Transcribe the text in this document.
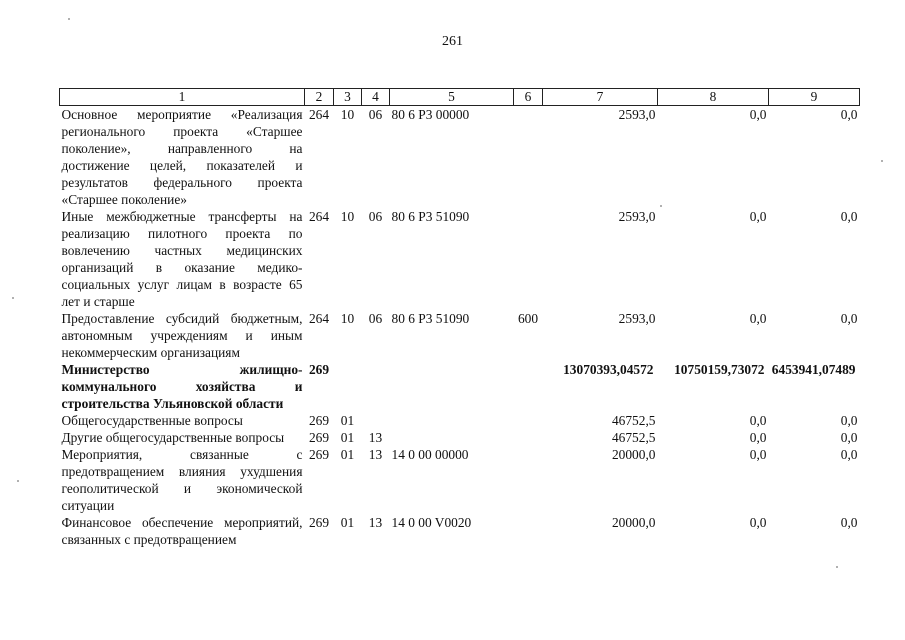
261
1	2	3	4	5	6	7	8	9
Основное мероприятие «Реализация регионального проекта «Старшее поколение», направленного на достижение целей, показателей и результатов федерального проекта «Старшее поколение»	264	10	06	80 6 Р3 00000		2593,0	0,0	0,0
Иные межбюджетные трансферты на реализацию пилотного проекта по вовлечению частных медицинских организаций в оказание медико-социальных услуг лицам в возрасте 65 лет и старше	264	10	06	80 6 Р3 51090		2593,0	0,0	0,0
Предоставление субсидий бюджетным, автономным учреждениям и иным некоммерческим организациям	264	10	06	80 6 Р3 51090	600	2593,0	0,0	0,0
Министерство жилищно-коммунального хозяйства и строительства Ульяновской области	269					13070393,04572	10750159,73072	6453941,07489
Общегосударственные вопросы	269	01				46752,5	0,0	0,0
Другие общегосударственные вопросы	269	01	13			46752,5	0,0	0,0
Мероприятия, связанные с предотвращением влияния ухудшения геополитической и экономической ситуации	269	01	13	14 0 00 00000		20000,0	0,0	0,0
Финансовое обеспечение мероприятий, связанных с предотвращением	269	01	13	14 0 00 V0020		20000,0	0,0	0,0
